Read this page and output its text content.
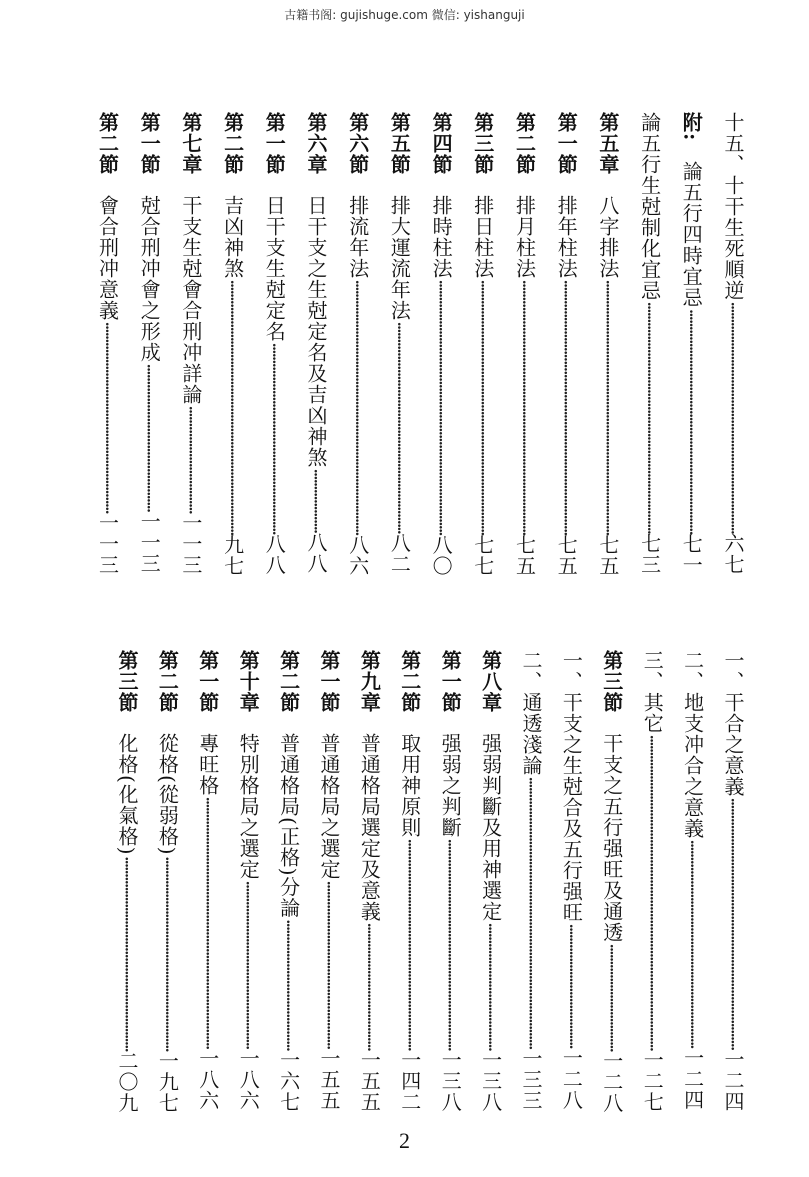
古籍书阁: gujishuge.com 微信: yishanguji
十五、十干生死順逆·····································································六七
附:論五行四時宜忌···································································七一
論五行生尅制化宜忌·····································································七三
第五章八字排法············································································七五
第一節排年柱法············································································七五
第二節排月柱法············································································七五
第三節排日柱法············································································七七
第四節排時柱法············································································八〇
第五節排大運流年法·······························································八二
第六節排流年法············································································八六
第六章日干支之生尅定名及吉凶神煞···················八八
第一節日干支生尅定名·························································八八
第二節吉凶神煞············································································九七
第七章干支生尅會合刑冲詳論································一一三
第一節尅合刑冲會之形成············································一一三
第二節會合刑冲意義·························································一一三
一、干合之意義···········································································一二四
二、地支冲合之意義······························································一二四
三、其它······························································································一二七
第三節干支之五行强旺及通透································一二八
一、干支之生尅合及五行强旺·····································一二八
二、通透淺論·················································································一三三
第八章强弱判斷及用神選定······································一三八
第一節强弱之判斷·······························································一三八
第二節取用神原則·······························································一四二
第九章普通格局選定及意義······································一五五
第一節普通格局之選定··················································一五五
第二節普通格局(正格)分論·······································一六七
第十章特別格局之選定··················································一八六
第一節專旺格···········································································一八六
第二節從格(從弱格)··························································一九七
第三節化格(化氣格)··························································二〇九
2
